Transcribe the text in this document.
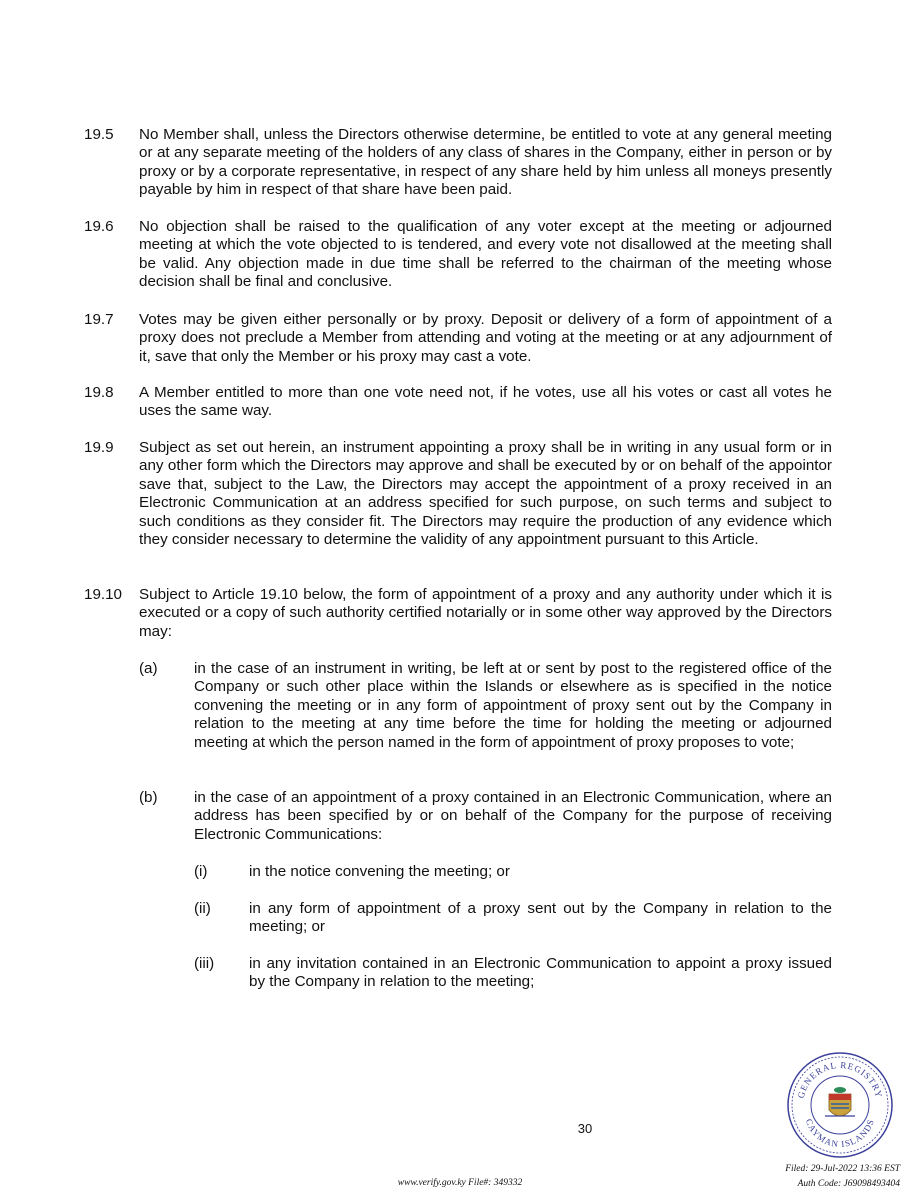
19.5 No Member shall, unless the Directors otherwise determine, be entitled to vote at any general meeting or at any separate meeting of the holders of any class of shares in the Company, either in person or by proxy or by a corporate representative, in respect of any share held by him unless all moneys presently payable by him in respect of that share have been paid.
19.6 No objection shall be raised to the qualification of any voter except at the meeting or adjourned meeting at which the vote objected to is tendered, and every vote not disallowed at the meeting shall be valid. Any objection made in due time shall be referred to the chairman of the meeting whose decision shall be final and conclusive.
19.7 Votes may be given either personally or by proxy. Deposit or delivery of a form of appointment of a proxy does not preclude a Member from attending and voting at the meeting or at any adjournment of it, save that only the Member or his proxy may cast a vote.
19.8 A Member entitled to more than one vote need not, if he votes, use all his votes or cast all votes he uses the same way.
19.9 Subject as set out herein, an instrument appointing a proxy shall be in writing in any usual form or in any other form which the Directors may approve and shall be executed by or on behalf of the appointor save that, subject to the Law, the Directors may accept the appointment of a proxy received in an Electronic Communication at an address specified for such purpose, on such terms and subject to such conditions as they consider fit. The Directors may require the production of any evidence which they consider necessary to determine the validity of any appointment pursuant to this Article.
19.10 Subject to Article 19.10 below, the form of appointment of a proxy and any authority under which it is executed or a copy of such authority certified notarially or in some other way approved by the Directors may:
(a) in the case of an instrument in writing, be left at or sent by post to the registered office of the Company or such other place within the Islands or elsewhere as is specified in the notice convening the meeting or in any form of appointment of proxy sent out by the Company in relation to the meeting at any time before the time for holding the meeting or adjourned meeting at which the person named in the form of appointment of proxy proposes to vote;
(b) in the case of an appointment of a proxy contained in an Electronic Communication, where an address has been specified by or on behalf of the Company for the purpose of receiving Electronic Communications:
(i)	in the notice convening the meeting; or
(ii)	in any form of appointment of a proxy sent out by the Company in relation to the meeting; or
(iii) in any invitation contained in an Electronic Communication to appoint a proxy issued by the Company in relation to the meeting;
30
GENERAL REGISTRY
CAYMAN ISLANDS
www.verify.gov.ky File#: 349332
Filed: 29-Jul-2022 13:36 EST
Auth Code: J69098493404
